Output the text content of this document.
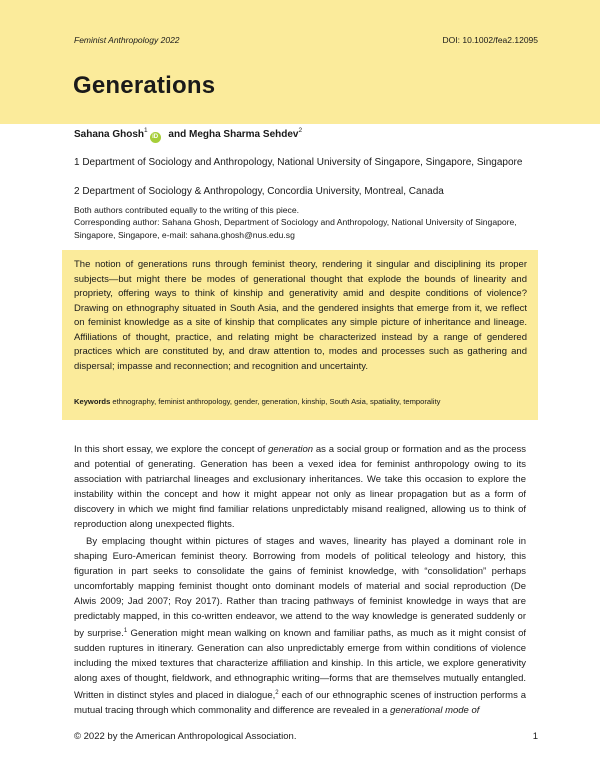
Feminist Anthropology 2022	DOI: 10.1002/fea2.12095
Generations
Sahana Ghosh$^1$iD and Megha Sharma Sehdev$^2$
1 Department of Sociology and Anthropology, National University of Singapore, Singapore, Singapore
2 Department of Sociology & Anthropology, Concordia University, Montreal, Canada
Both authors contributed equally to the writing of this piece.
Corresponding author: Sahana Ghosh, Department of Sociology and Anthropology, National University of Singapore, Singapore, Singapore, e-mail: sahana.ghosh@nus.edu.sg

The notion of generations runs through feminist theory, rendering it singular and disciplining its proper subjects—but might there be modes of generational thought that explode the bounds of linearity and propriety, offering ways to think of kinship and generativity amid and despite conditions of violence? Drawing on ethnography situated in South Asia, and the gendered insights that emerge from it, we reflect on feminist knowledge as a site of kinship that complicates any simple picture of inheritance and lineage. Affiliations of thought, practice, and relating might be characterized instead by a range of gendered practices which are constituted by, and draw attention to, modes and processes such as gathering and dispersal; impasse and reconnection; and recognition and uncertainty.

Keywords ethnography, feminist anthropology, gender, generation, kinship, South Asia, spatiality, temporality

In this short essay, we explore the concept of generation as a social group or formation and as the process and potential of generating. Generation has been a vexed idea for feminist anthropology owing to its association with patriarchal lineages and exclusionary inheritances. We take this occasion to explore the instability within the concept and how it might appear not only as linear propagation but as a form of discovery in which we might find familiar relations unpredictably misand realigned, allowing us to think of reproduction along unexpected flights.

By emplacing thought within pictures of stages and waves, linearity has played a dominant role in shaping Euro-American feminist theory. Borrowing from models of political teleology and history, this figuration in part seeks to consolidate the gains of feminist knowledge, with “consolidation” perhaps uncomfortably mapping feminist thought onto dominant models of material and social reproduction (De Alwis 2009; Jad 2007; Roy 2017). Rather than tracing pathways of feminist knowledge in ways that are predictably mapped, in this co-written endeavor, we attend to the way knowledge is generated suddenly or by surprise.$^1$ Generation might mean walking on known and familiar paths, as much as it might consist of sudden ruptures in itinerary. Generation can also unpredictably emerge from within conditions of violence including the mixed textures that characterize affiliation and kinship. In this article, we explore generativity along axes of thought, fieldwork, and ethnographic writing—forms that are themselves mutually entangled. Written in distinct styles and placed in dialogue,$^2$ each of our ethnographic scenes of instruction performs a mutual tracing through which commonality and difference are revealed in a generational mode of

© 2022 by the American Anthropological Association.	1
